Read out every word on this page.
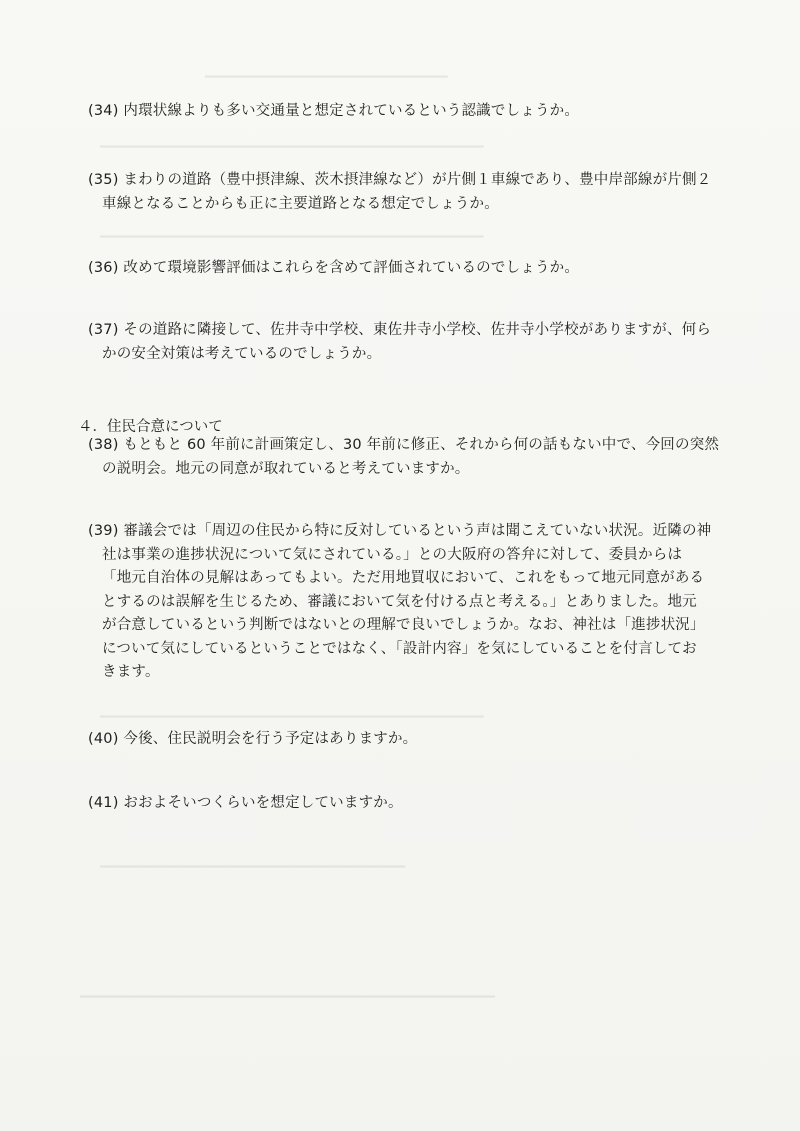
━━━━━━━━━━━━━━━━━━━━━━━━━━━━━━━
━━━━━━━━━━━━━━━━━━━━━━━━━━━━━━━━━━━━━━━━━━━━━━━━━
━━━━━━━━━━━━━━━━━━━━━━━━━━━━━━━━━━━━━━━━━━━━━━━━━
━━━━━━━━━━━━━━━━━━━━━━━━━━━━━━━━━━━━━━━━━━━━━━━━━
━━━━━━━━━━━━━━━━━━━━━━━━━━━━━━━━━━━━━━━
━━━━━━━━━━━━━━━━━━━━━━━━━━━━━━━━━━━━━━━━━━━━━━━━━━━━━
(34) 内環状線よりも多い交通量と想定されているという認識でしょうか。
(35) まわりの道路（豊中摂津線、茨木摂津線など）が片側１車線であり、豊中岸部線が片側２
車線となることからも正に主要道路となる想定でしょうか。
(36) 改めて環境影響評価はこれらを含めて評価されているのでしょうか。
(37) その道路に隣接して、佐井寺中学校、東佐井寺小学校、佐井寺小学校がありますが、何ら
かの安全対策は考えているのでしょうか。
４．住民合意について
(38) もともと 60 年前に計画策定し、30 年前に修正、それから何の話もない中で、今回の突然
の説明会。地元の同意が取れていると考えていますか。
(39) 審議会では「周辺の住民から特に反対しているという声は聞こえていない状況。近隣の神
社は事業の進捗状況について気にされている。」との大阪府の答弁に対して、委員からは
「地元自治体の見解はあってもよい。ただ用地買収において、これをもって地元同意がある
とするのは誤解を生じるため、審議において気を付ける点と考える。」とありました。地元
が合意しているという判断ではないとの理解で良いでしょうか。なお、神社は「進捗状況」
について気にしているということではなく、「設計内容」を気にしていることを付言してお
きます。
(40) 今後、住民説明会を行う予定はありますか。
(41) おおよそいつくらいを想定していますか。
